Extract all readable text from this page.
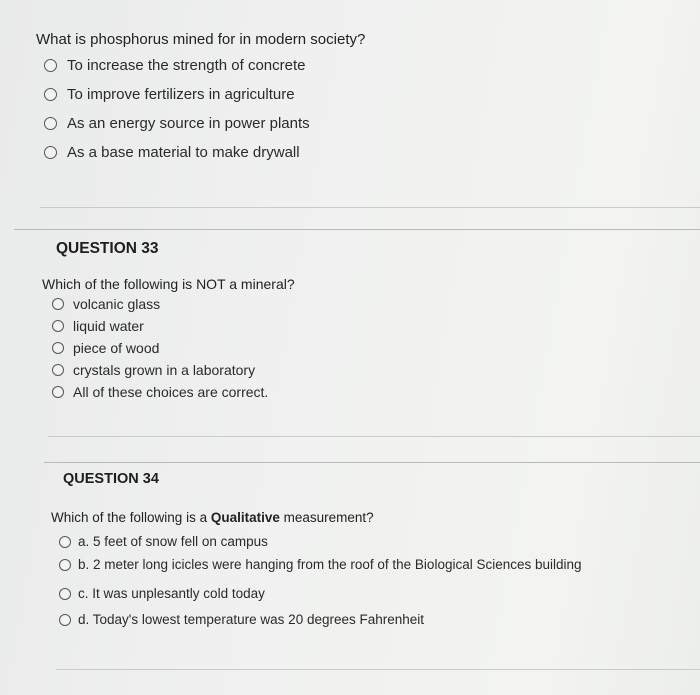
What is phosphorus mined for in modern society?
To increase the strength of concrete
To improve fertilizers in agriculture
As an energy source in power plants
As a base material to make drywall
QUESTION 33
Which of the following is NOT a mineral?
volcanic glass
liquid water
piece of wood
crystals grown in a laboratory
All of these choices are correct.
QUESTION 34
Which of the following is a Qualitative measurement?
a. 5 feet of snow fell on campus
b. 2 meter long icicles were hanging from the roof of the Biological Sciences building
c. It was unplesantly cold today
d. Today's lowest temperature was 20 degrees Fahrenheit
